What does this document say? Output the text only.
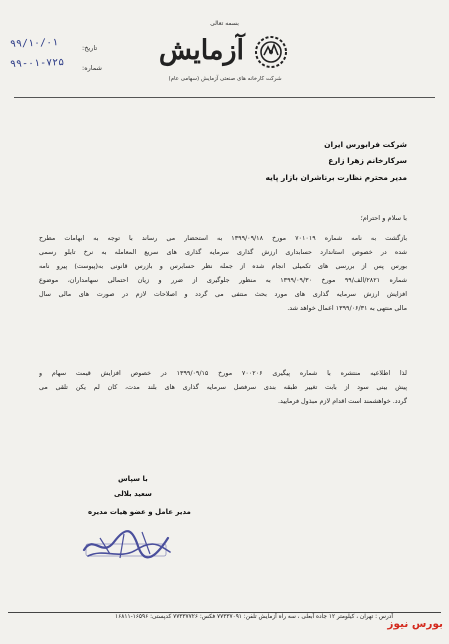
بسمه تعالی
آزمایش
شرکت کارخانه های صنعتی آزمایش (سهامی عام)
تاریخ:
۹۹/۱۰/۰۱
شماره:
۹۹-۰۱-۷۲۵
شرکت فرابورس ایران
سرکارخانم زهرا زارع
مدیر محترم نظارت برناشران بازار پایه
با سلام و احترام؛
بازگشت به نامه شماره ۷۰۱۰۱۹ مورخ ۱۳۹۹/۰۹/۱۸ به استحضار می رساند با توجه به ابهامات مطرح
شده در خصوص استاندارد حسابداری ارزش گذاری سرمایه گذاری های سریع المعامله به نرخ تابلو رسمی
بورس پس از بررسی های تکمیلی انجام شده از جمله نظر حسابرس و بازرس قانونی به(پیوست) پیرو نامه
شماره ۲۸۲۱/الف/۹۹ مورخ ۱۳۹۹/۰۹/۳۰ به منظور جلوگیری از ضرر و زیان احتمالی سهامداران، موضوع
افزایش ارزش سرمایه گذاری های مورد بحث منتفی می گردد و اصلاحات لازم در صورت های مالی سال
مالی منتهی به ۱۳۹۹/۰۶/۳۱ اعمال خواهد شد.
لذا اطلاعیه منتشره با شماره پیگیری ۷۰۰۲۰۶ مورخ ۱۳۹۹/۰۹/۱۵ در خصوص افزایش قیمت سهام و
پیش بینی سود از بابت تغییر طبقه بندی سرفصل سرمایه گذاری های بلند مدت، کان لم یکن تلقی می
گردد. خواهشمند است اقدام لازم مبذول فرمایید.
با سپاس
سعید بلالی
مدیر عامل و عضو هیات مدیره
آدرس : تهران ، کیلومتر ۱۲ جاده آبعلی ، سه راه آزمایش تلفن: ۷۷۳۳۷۰۹۱ فکس: ۷۷۳۳۷۷۲۶ کدپستی: ۱۶۵۹۶-۱۶۸۱۱
بورس نیوز
